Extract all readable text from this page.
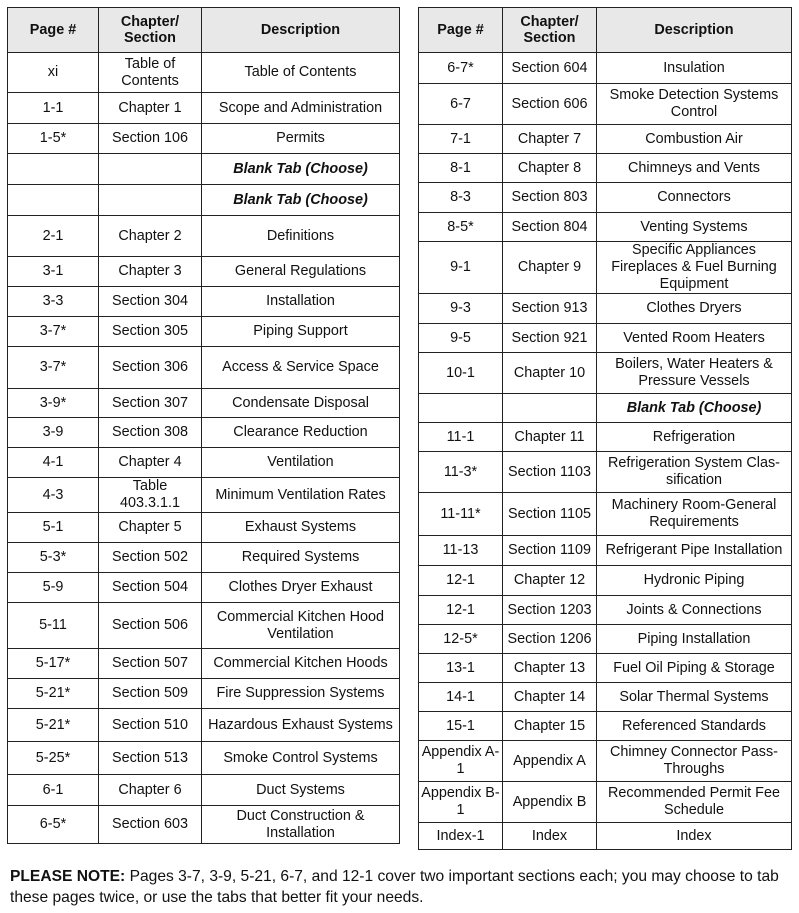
Page #	Chapter/ Section	Description
xi	Table of Contents	Table of Contents
1-1	Chapter 1	Scope and Administration
1-5*	Section 106	Permits
		Blank Tab (Choose)
		Blank Tab (Choose)
2-1	Chapter 2	Definitions
3-1	Chapter 3	General Regulations
3-3	Section 304	Installation
3-7*	Section 305	Piping Support
3-7*	Section 306	Access & Service Space
3-9*	Section 307	Condensate Disposal
3-9	Section 308	Clearance Reduction
4-1	Chapter 4	Ventilation
4-3	Table 403.3.1.1	Minimum Ventilation Rates
5-1	Chapter 5	Exhaust Systems
5-3*	Section 502	Required Systems
5-9	Section 504	Clothes Dryer Exhaust
5-11	Section 506	Commercial Kitchen Hood Ventilation
5-17*	Section 507	Commercial Kitchen Hoods
5-21*	Section 509	Fire Suppression Systems
5-21*	Section 510	Hazardous Exhaust Systems
5-25*	Section 513	Smoke Control Systems
6-1	Chapter 6	Duct Systems
6-5*	Section 603	Duct Construction & Installation
Page #	Chapter/ Section	Description
6-7*	Section 604	Insulation
6-7	Section 606	Smoke Detection Systems Control
7-1	Chapter 7	Combustion Air
8-1	Chapter 8	Chimneys and Vents
8-3	Section 803	Connectors
8-5*	Section 804	Venting Systems
9-1	Chapter 9	Specific Appliances Fireplaces & Fuel Burning Equipment
9-3	Section 913	Clothes Dryers
9-5	Section 921	Vented Room Heaters
10-1	Chapter 10	Boilers, Water Heaters & Pressure Vessels
		Blank Tab (Choose)
11-1	Chapter 11	Refrigeration
11-3*	Section 1103	Refrigeration System Clas-sification
11-11*	Section 1105	Machinery Room-General Requirements
11-13	Section 1109	Refrigerant Pipe Installation
12-1	Chapter 12	Hydronic Piping
12-1	Section 1203	Joints & Connections
12-5*	Section 1206	Piping Installation
13-1	Chapter 13	Fuel Oil Piping & Storage
14-1	Chapter 14	Solar Thermal Systems
15-1	Chapter 15	Referenced Standards
Appendix A-1	Appendix A	Chimney Connector Pass-Throughs
Appendix B-1	Appendix B	Recommended Permit Fee Schedule
Index-1	Index	Index
PLEASE NOTE: Pages 3-7, 3-9, 5-21, 6-7, and 12-1 cover two important sections each; you may choose to tab these pages twice, or use the tabs that better fit your needs.
